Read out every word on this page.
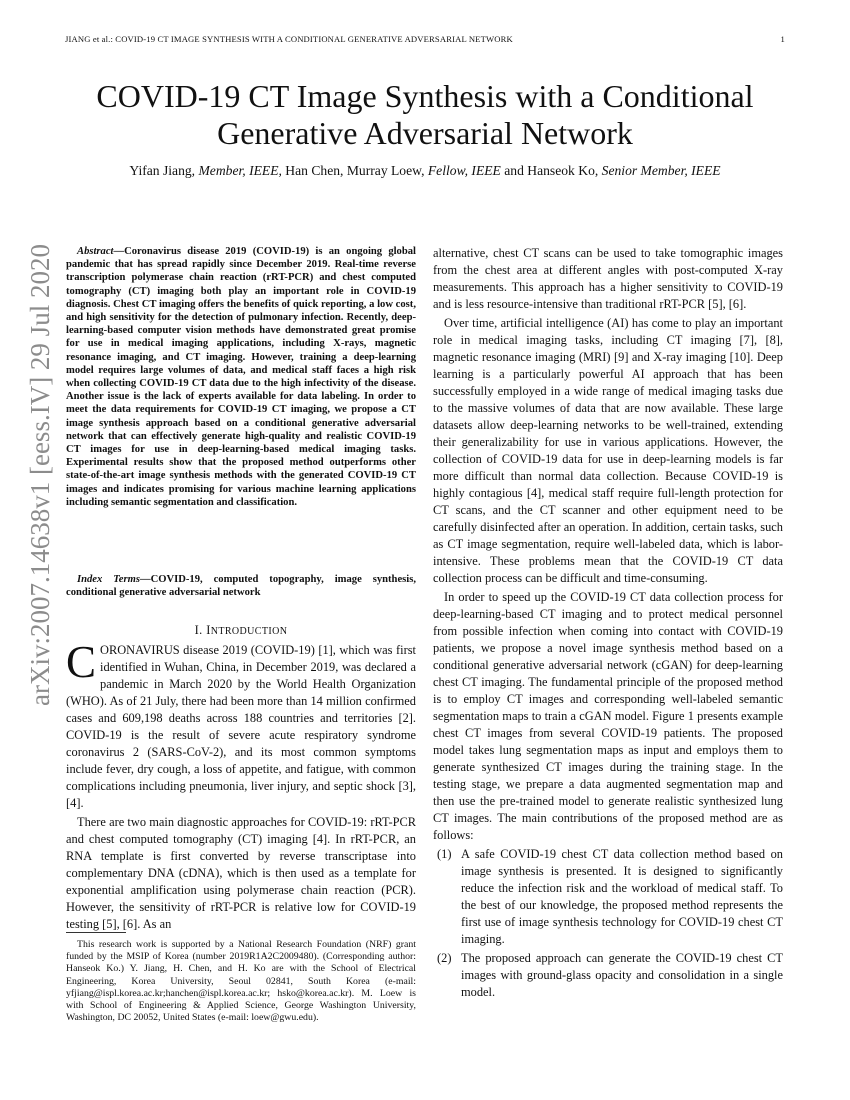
JIANG et al.: COVID-19 CT IMAGE SYNTHESIS WITH A CONDITIONAL GENERATIVE ADVERSARIAL NETWORK	1
COVID-19 CT Image Synthesis with a Conditional
Generative Adversarial Network
Yifan Jiang, Member, IEEE, Han Chen, Murray Loew, Fellow, IEEE and Hanseok Ko, Senior Member, IEEE
arXiv:2007.14638v1 [eess.IV] 29 Jul 2020	Abstract—Coronavirus disease 2019 (COVID-19) is an ongoing global pandemic that has spread rapidly since December 2019. Real-time reverse transcription polymerase chain reaction (rRT-PCR) and chest computed tomography (CT) imaging both play an important role in COVID-19 diagnosis. Chest CT imaging offers the benefits of quick reporting, a low cost, and high sensitivity for the detection of pulmonary infection. Recently, deep-learning-based computer vision methods have demonstrated great promise for use in medical imaging applications, including X-rays, magnetic resonance imaging, and CT imaging. However, training a deep-learning model requires large volumes of data, and medical staff faces a high risk when collecting COVID-19 CT data due to the high infectivity of the disease. Another issue is the lack of experts available for data labeling. In order to meet the data requirements for COVID-19 CT imaging, we propose a CT image synthesis approach based on a conditional generative adversarial network that can effectively generate high-quality and realistic COVID-19 CT images for use in deep-learning-based medical imaging tasks. Experimental results show that the proposed method outperforms other state-of-the-art image synthesis methods with the generated COVID-19 CT images and indicates promising for various machine learning applications including semantic segmentation and classification.
Index Terms—COVID-19, computed topography, image synthesis, conditional generative adversarial network
I. INTRODUCTION

CORONAVIRUS disease 2019 (COVID-19) [1], which was first identified in Wuhan, China, in December 2019, was declared a pandemic in March 2020 by the World Health Organization (WHO). As of 21 July, there had been more than 14 million confirmed cases and 609,198 deaths across 188 countries and territories [2]. COVID-19 is the result of severe acute respiratory syndrome coronavirus 2 (SARS-CoV-2), and its most common symptoms include fever, dry cough, a loss of appetite, and fatigue, with common complications including pneumonia, liver injury, and septic shock [3], [4].

There are two main diagnostic approaches for COVID-19: rRT-PCR and chest computed tomography (CT) imaging [4]. In rRT-PCR, an RNA template is first converted by reverse transcriptase into complementary DNA (cDNA), which is then used as a template for exponential amplification using polymerase chain reaction (PCR). However, the sensitivity of rRT-PCR is relative low for COVID-19 testing [5], [6]. As an

This research work is supported by a National Research Foundation (NRF) grant funded by the MSIP of Korea (number 2019R1A2C2009480). (Corresponding author: Hanseok Ko.) Y. Jiang, H. Chen, and H. Ko are with the School of Electrical Engineering, Korea University, Seoul 02841, South Korea (e-mail: yfjiang@ispl.korea.ac.kr;hanchen@ispl.korea.ac.kr; hsko@korea.ac.kr). M. Loew is with School of Engineering & Applied Science, George Washington University, Washington, DC 20052, United States (e-mail: loew@gwu.edu).

alternative, chest CT scans can be used to take tomographic images from the chest area at different angles with post-computed X-ray measurements. This approach has a higher sensitivity to COVID-19 and is less resource-intensive than traditional rRT-PCR [5], [6].

Over time, artificial intelligence (AI) has come to play an important role in medical imaging tasks, including CT imaging [7], [8], magnetic resonance imaging (MRI) [9] and X-ray imaging [10]. Deep learning is a particularly powerful AI approach that has been successfully employed in a wide range of medical imaging tasks due to the massive volumes of data that are now available. These large datasets allow deep-learning networks to be well-trained, extending their generalizability for use in various applications. However, the collection of COVID-19 data for use in deep-learning models is far more difficult than normal data collection. Because COVID-19 is highly contagious [4], medical staff require full-length protection for CT scans, and the CT scanner and other equipment need to be carefully disinfected after an operation. In addition, certain tasks, such as CT image segmentation, require well-labeled data, which is labor-intensive. These problems mean that the COVID-19 CT data collection process can be difficult and time-consuming.

In order to speed up the COVID-19 CT data collection process for deep-learning-based CT imaging and to protect medical personnel from possible infection when coming into contact with COVID-19 patients, we propose a novel image synthesis method based on a conditional generative adversarial network (cGAN) for deep-learning chest CT imaging. The fundamental principle of the proposed method is to employ CT images and corresponding well-labeled semantic segmentation maps to train a cGAN model. Figure 1 presents example chest CT images from several COVID-19 patients. The proposed model takes lung segmentation maps as input and employs them to generate synthesized CT images during the training stage. In the testing stage, we prepare a data augmented segmentation map and then use the pre-trained model to generate realistic synthesized lung CT images. The main contributions of the proposed method are as follows:

(1) A safe COVID-19 chest CT data collection method based on image synthesis is presented. It is designed to significantly reduce the infection risk and the workload of medical staff. To the best of our knowledge, the proposed method represents the first use of image synthesis technology for COVID-19 chest CT imaging.
(2) The proposed approach can generate the COVID-19 chest CT images with ground-glass opacity and consolidation in a single model.
